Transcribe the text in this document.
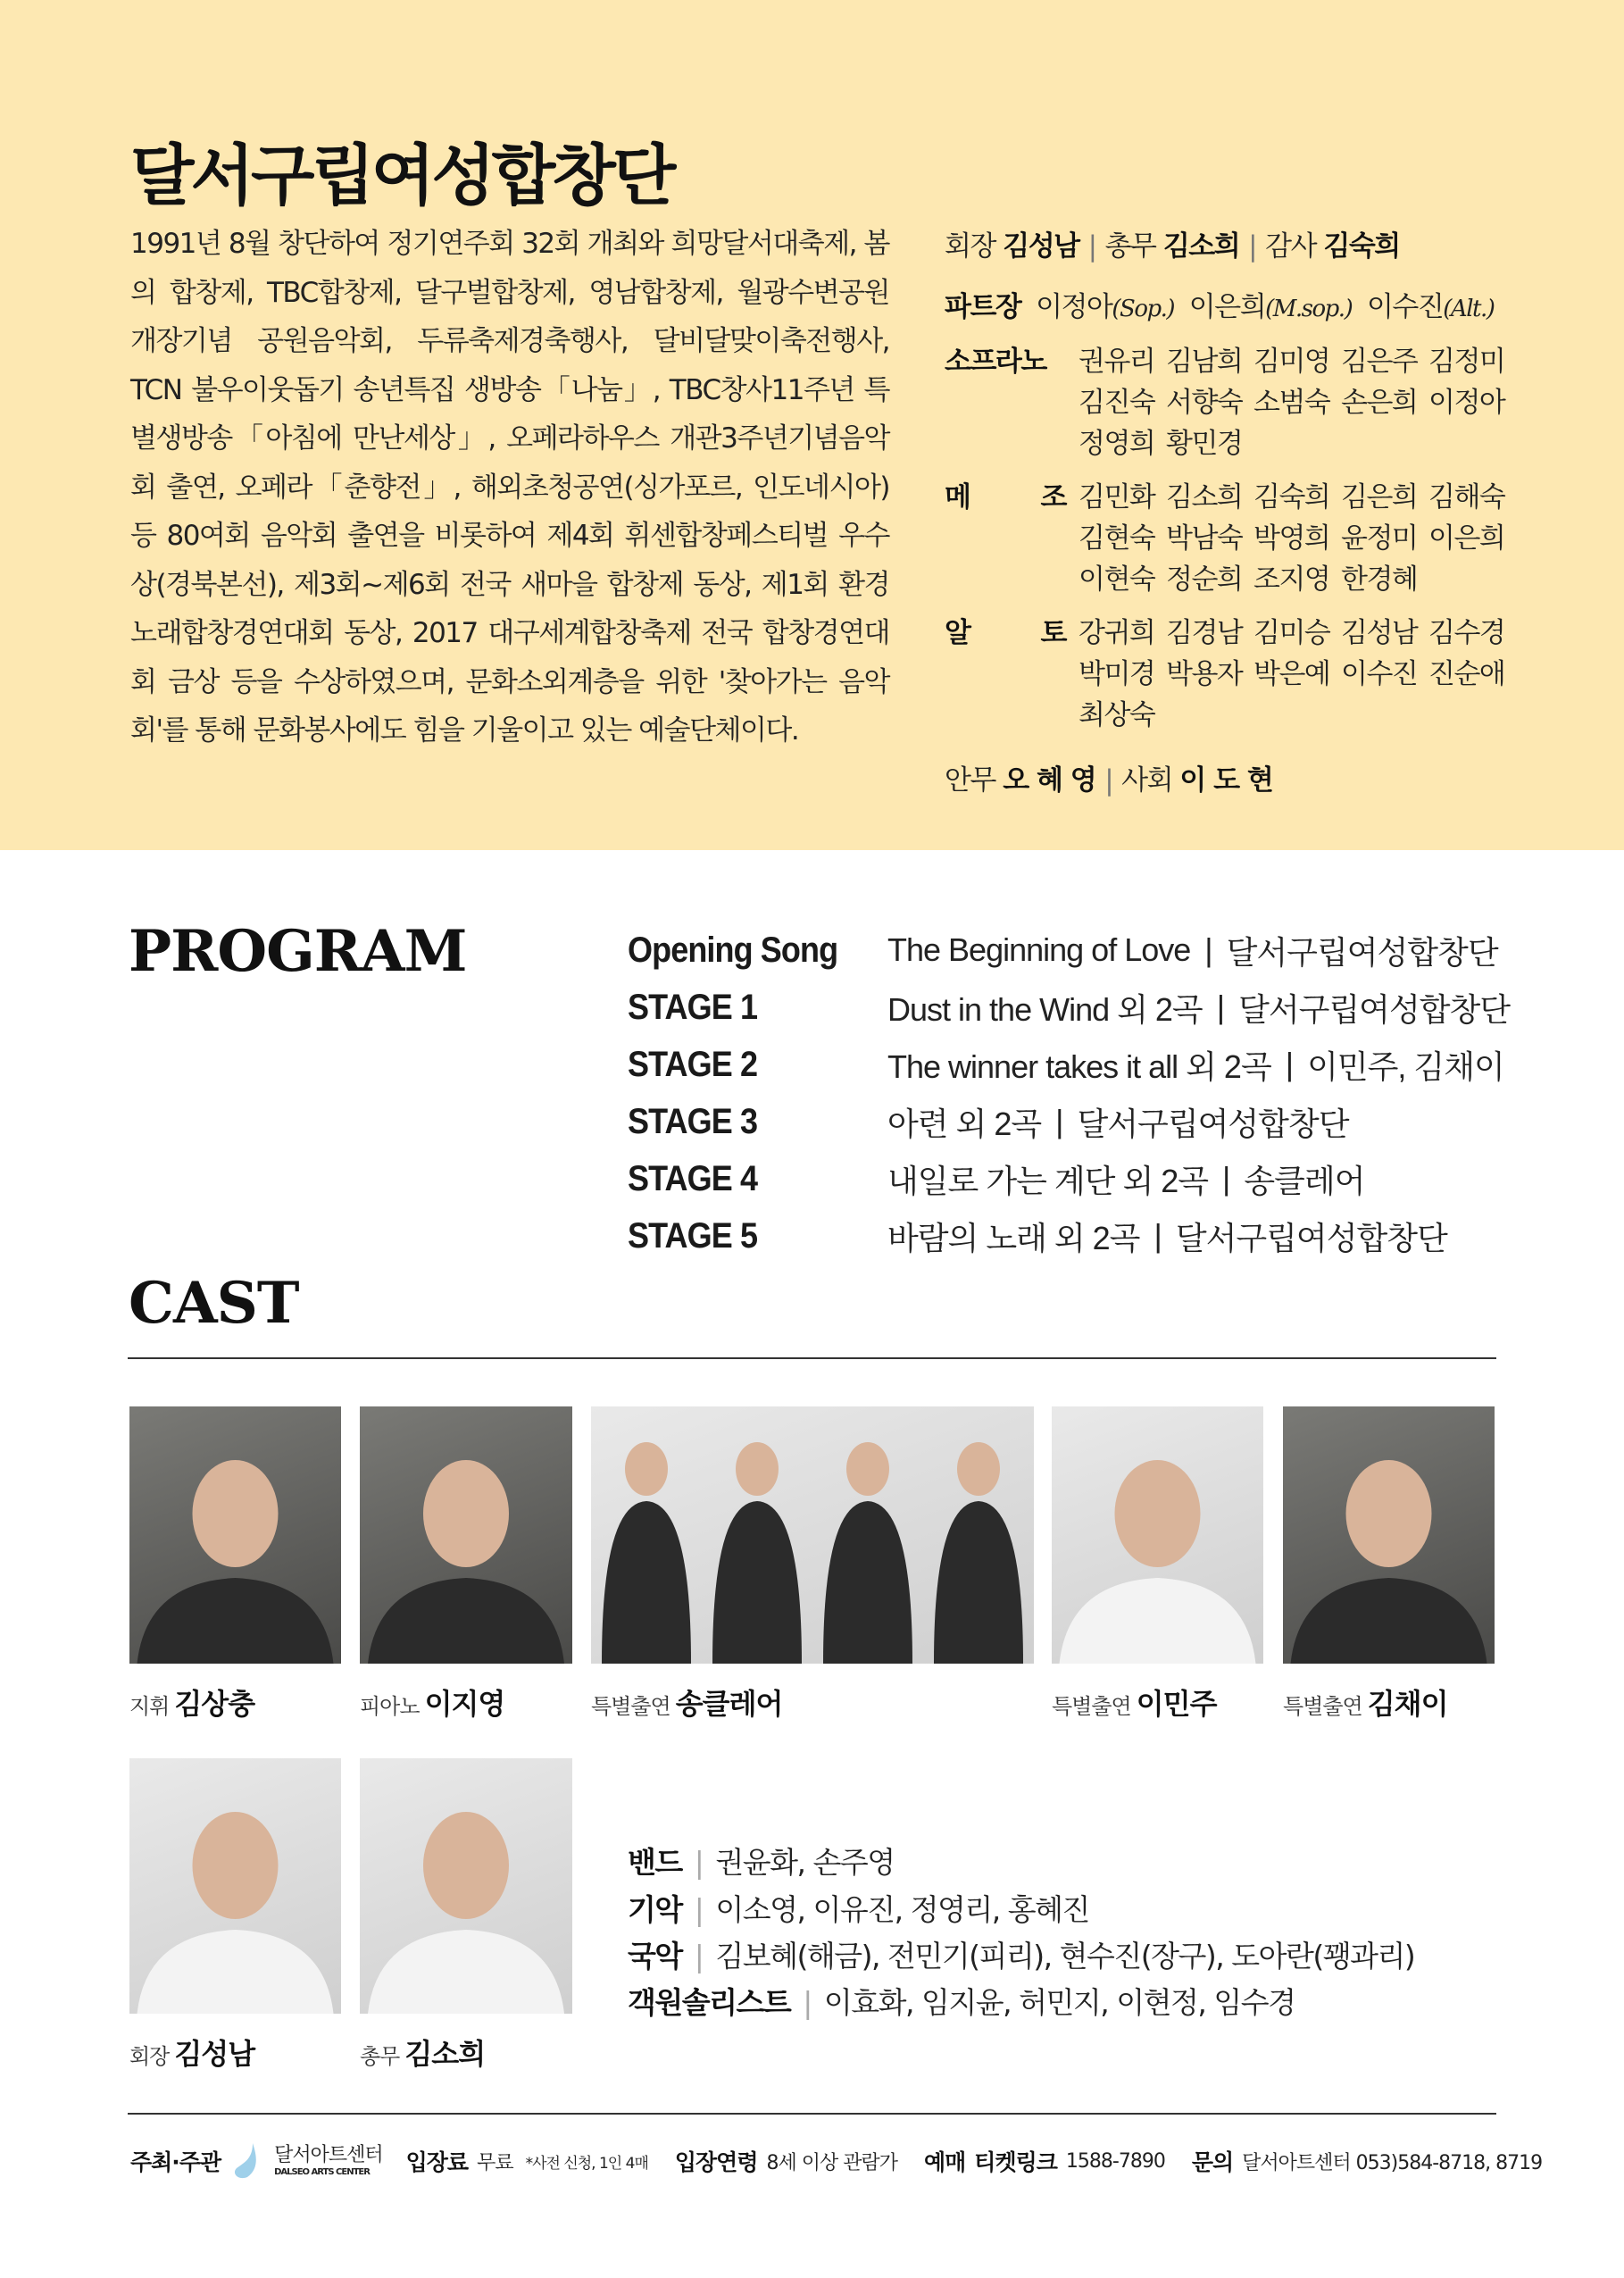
달서구립여성합창단
1991년 8월 창단하여 정기연주회 32회 개최와 희망달서대축제, 봄의 합창제, TBC합창제, 달구벌합창제, 영남합창제, 월광수변공원 개장기념 공원음악회, 두류축제경축행사, 달비달맞이축전행사, TCN 불우이웃돕기 송년특집 생방송「나눔」, TBC창사11주년 특별생방송「아침에 만난세상」, 오페라하우스 개관3주년기념음악회 출연, 오페라「춘향전」, 해외초청공연(싱가포르, 인도네시아) 등 80여회 음악회 출연을 비롯하여 제4회 휘센합창페스티벌 우수상(경북본선), 제3회~제6회 전국 새마을 합창제 동상, 제1회 환경노래합창경연대회 동상, 2017 대구세계합창축제 전국 합창경연대회 금상 등을 수상하였으며, 문화소외계층을 위한 '찾아가는 음악회'를 통해 문화봉사에도 힘을 기울이고 있는 예술단체이다.
회장 김성남 | 총무 김소희 | 감사 김숙희
파트장 이정아(Sop.) 이은희(M.sop.) 이수진(Alt.)
소프라노 권유리 김남희 김미영 김은주 김정미
김진숙 서향숙 소범숙 손은희 이정아
정영희 황민경
메	조 김민화 김소희 김숙희 김은희 김해숙
김현숙 박남숙 박영희 윤정미 이은희
이현숙 정순희 조지영 한경혜
알	토 강귀희 김경남 김미승 김성남 김수경
박미경 박용자 박은예 이수진 진순애
최상숙
안무 오 혜 영 | 사회 이 도 현
PROGRAM	Opening Song	The Beginning of Love | 달서구립여성합창단
STAGE 1	Dust in the Wind 외 2곡 | 달서구립여성합창단
STAGE 2	The winner takes it all 외 2곡 | 이민주, 김채이
STAGE 3	아련 외 2곡 | 달서구립여성합창단
STAGE 4	내일로 가는 계단 외 2곡 | 송클레어
STAGE 5	바람의 노래 외 2곡 | 달서구립여성합창단
CAST
지휘 김상충	피아노 이지영	특별출연 송클레어	특별출연 이민주	특별출연 김채이
회장 김성남	총무 김소희
밴드 | 권윤화, 손주영
기악 | 이소영, 이유진, 정영리, 홍혜진
국악 | 김보혜(해금), 전민기(피리), 현수진(장구), 도아란(꽹과리)
객원솔리스트 | 이효화, 임지윤, 허민지, 이현정, 임수경
주최·주관	달서아트센터
DALSEO ARTS CENTER	입장료 무료 *사전 신청, 1인 4매 입장연령 8세 이상 관람가 예매 티켓링크 1588-7890 문의 달서아트센터 053)584-8718, 8719
